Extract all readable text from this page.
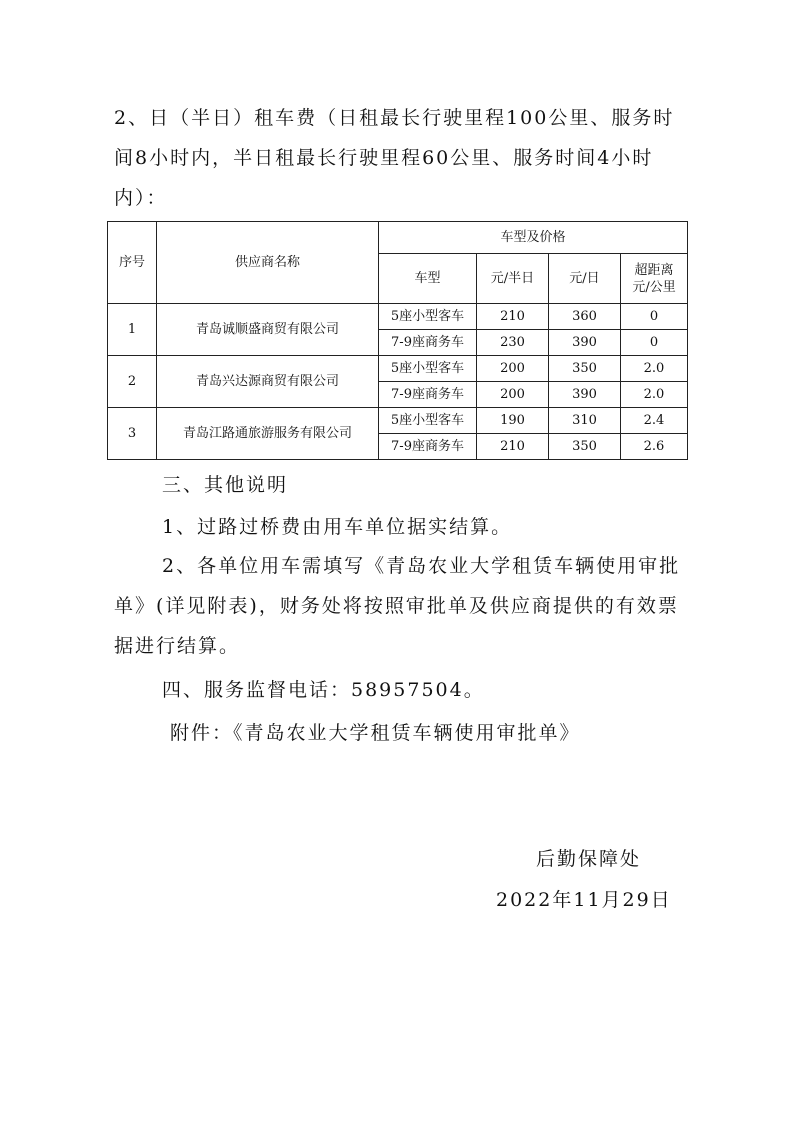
2、日（半日）租车费（日租最长行驶里程100公里、服务时间8小时内，半日租最长行驶里程60公里、服务时间4小时内）：

序号	供应商名称	车型及价格			
		车型	元/半日	元/日	超距离
元/公里
1	青岛诚顺盛商贸有限公司	5座小型客车	210	360	0
		7-9座商务车	230	390	0
2	青岛兴达源商贸有限公司	5座小型客车	200	350	2.0
		7-9座商务车	200	390	2.0
3	青岛江路通旅游服务有限公司	5座小型客车	190	310	2.4
		7-9座商务车	210	350	2.6

三、其他说明

1、过路过桥费由用车单位据实结算。

2、各单位用车需填写《青岛农业大学租赁车辆使用审批单》(详见附表)，财务处将按照审批单及供应商提供的有效票据进行结算。

四、服务监督电话：58957504。

附件：《青岛农业大学租赁车辆使用审批单》

后勤保障处

2022年11月29日
